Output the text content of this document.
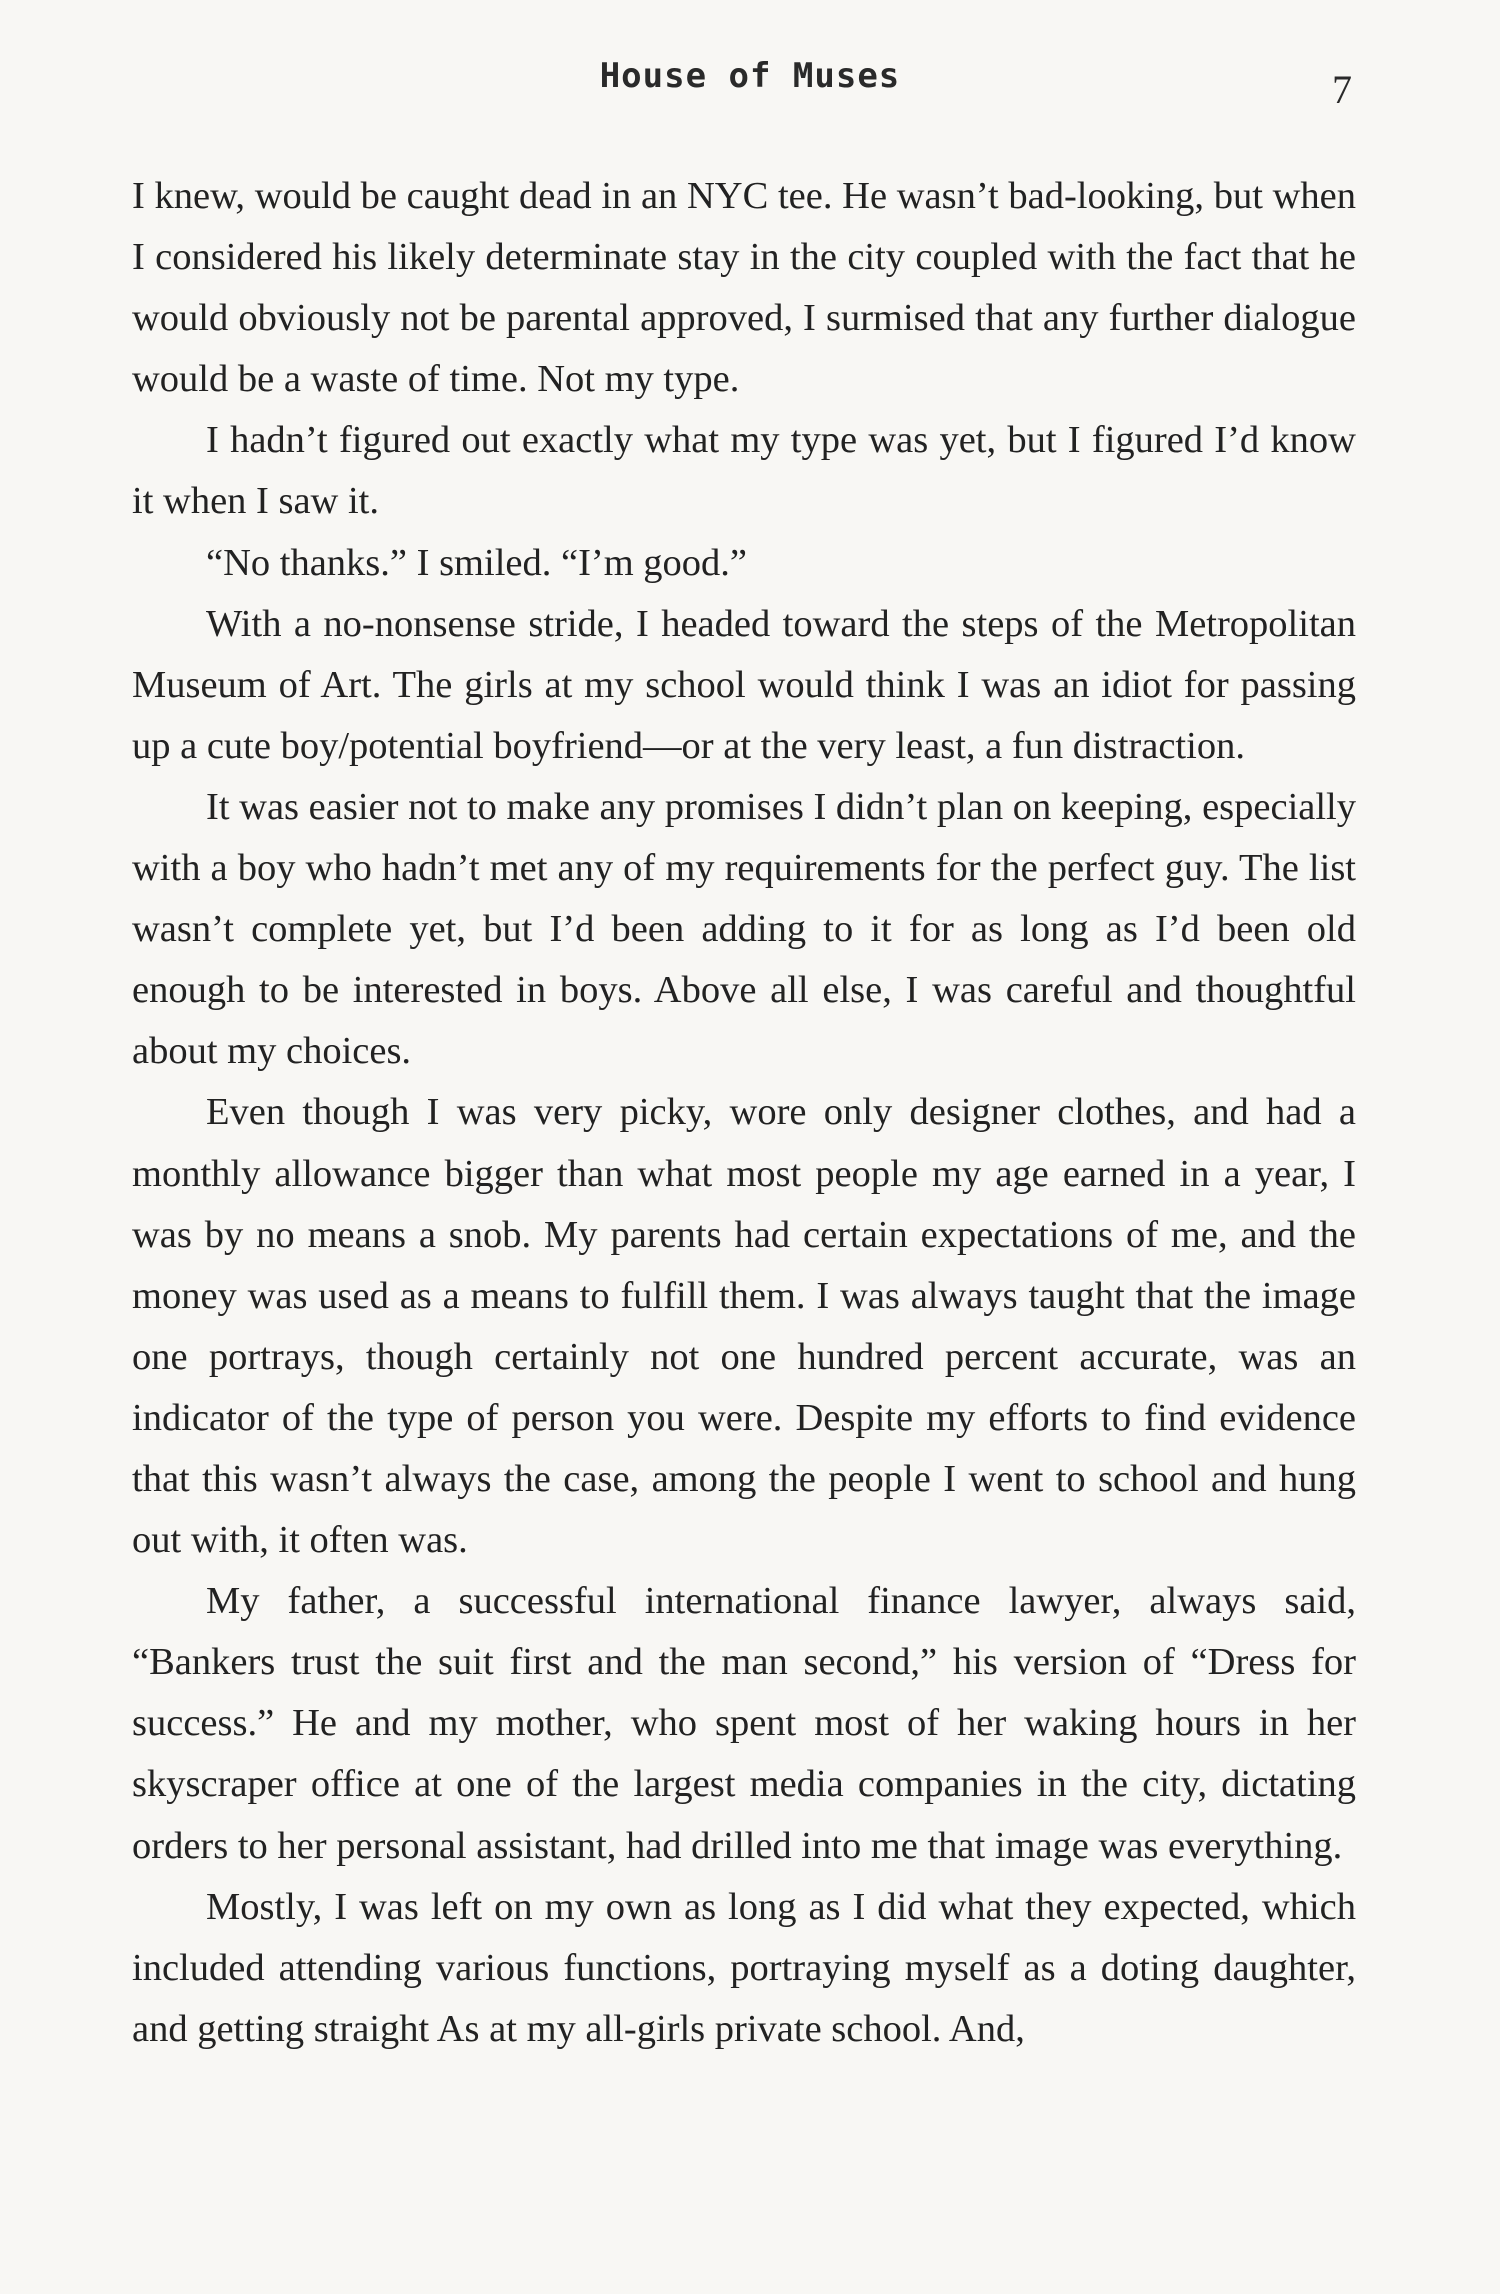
House of Muses	7

I knew, would be caught dead in an NYC tee. He wasn’t bad-looking, but when I considered his likely determinate stay in the city coupled with the fact that he would obviously not be parental approved, I surmised that any further dialogue would be a waste of time. Not my type.

I hadn’t figured out exactly what my type was yet, but I figured I’d know it when I saw it.

“No thanks.” I smiled. “I’m good.”

With a no-nonsense stride, I headed toward the steps of the Metropolitan Museum of Art. The girls at my school would think I was an idiot for passing up a cute boy/potential boyfriend—or at the very least, a fun distraction.

It was easier not to make any promises I didn’t plan on keeping, especially with a boy who hadn’t met any of my requirements for the perfect guy. The list wasn’t complete yet, but I’d been adding to it for as long as I’d been old enough to be interested in boys. Above all else, I was careful and thoughtful about my choices.

Even though I was very picky, wore only designer clothes, and had a monthly allowance bigger than what most people my age earned in a year, I was by no means a snob. My parents had certain expectations of me, and the money was used as a means to fulfill them. I was always taught that the image one portrays, though certainly not one hundred percent accurate, was an indicator of the type of person you were. Despite my efforts to find evidence that this wasn’t always the case, among the people I went to school and hung out with, it often was.

My father, a successful international finance lawyer, always said, “Bankers trust the suit first and the man second,” his version of “Dress for success.” He and my mother, who spent most of her waking hours in her skyscraper office at one of the largest media companies in the city, dictating orders to her personal assistant, had drilled into me that image was everything.

Mostly, I was left on my own as long as I did what they expected, which included attending various functions, portraying myself as a doting daughter, and getting straight As at my all-girls private school. And,
